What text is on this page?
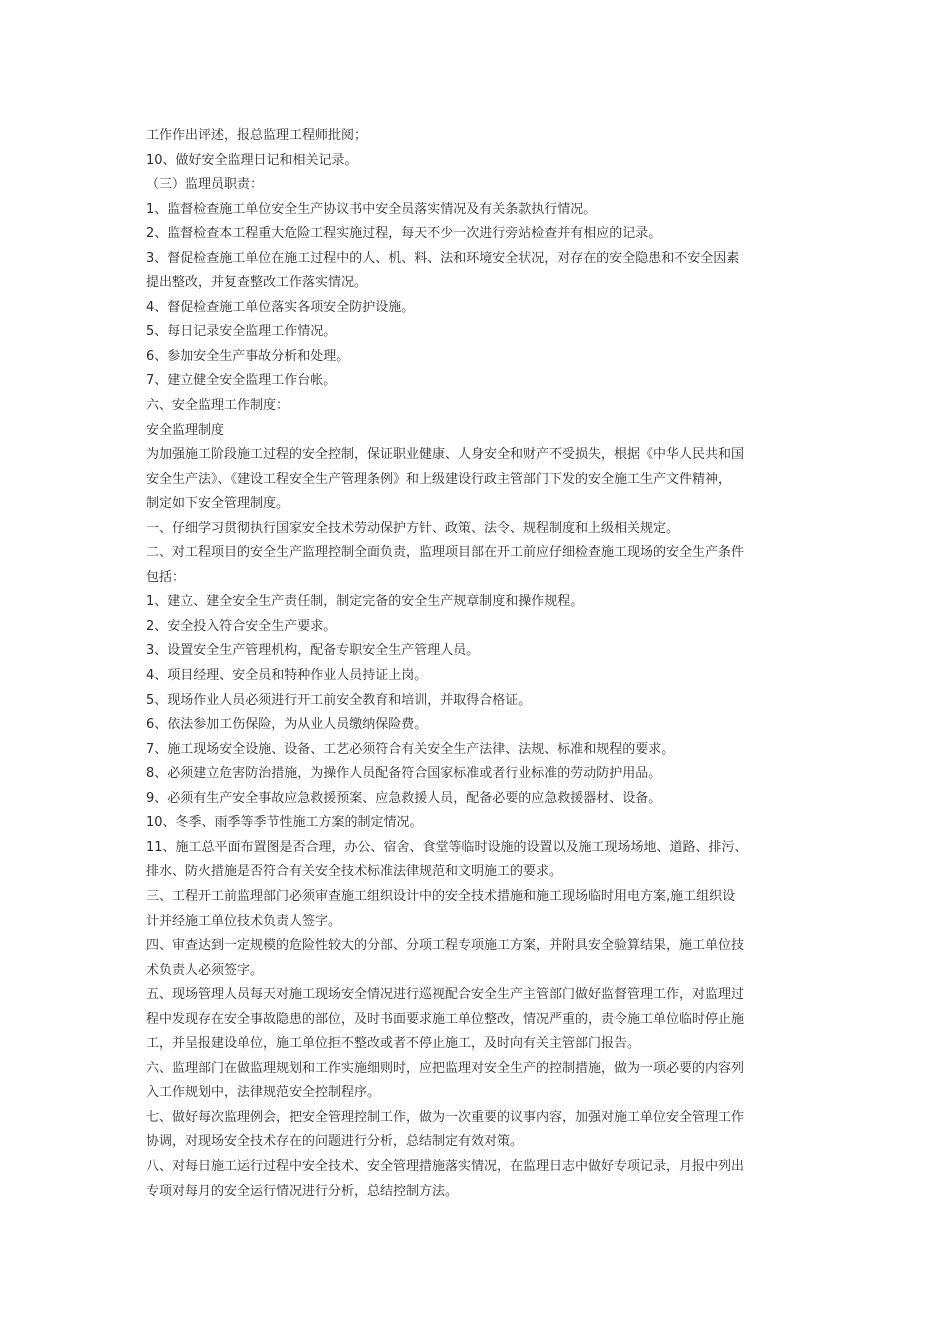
工作作出评述，报总监理工程师批阅；
10、做好安全监理日记和相关记录。
（三）监理员职责：
1、监督检查施工单位安全生产协议书中安全员落实情况及有关条款执行情况。
2、监督检查本工程重大危险工程实施过程，每天不少一次进行旁站检查并有相应的记录。
3、督促检查施工单位在施工过程中的人、机、料、法和环境安全状况，对存在的安全隐患和不安全因素
提出整改，并复查整改工作落实情况。
4、督促检查施工单位落实各项安全防护设施。
5、每日记录安全监理工作情况。
6、参加安全生产事故分析和处理。
7、建立健全安全监理工作台帐。
六、安全监理工作制度：
安全监理制度
为加强施工阶段施工过程的安全控制，保证职业健康、人身安全和财产不受损失，根据《中华人民共和国
安全生产法》、《建设工程安全生产管理条例》和上级建设行政主管部门下发的安全施工生产文件精神，
制定如下安全管理制度。
一、仔细学习贯彻执行国家安全技术劳动保护方针、政策、法令、规程制度和上级相关规定。
二、对工程项目的安全生产监理控制全面负责，监理项目部在开工前应仔细检查施工现场的安全生产条件
包括：
1、建立、建全安全生产责任制，制定完备的安全生产规章制度和操作规程。
2、安全投入符合安全生产要求。
3、设置安全生产管理机构，配备专职安全生产管理人员。
4、项目经理、安全员和特种作业人员持证上岗。
5、现场作业人员必须进行开工前安全教育和培训，并取得合格证。
6、依法参加工伤保险，为从业人员缴纳保险费。
7、施工现场安全设施、设备、工艺必须符合有关安全生产法律、法规、标准和规程的要求。
8、必须建立危害防治措施，为操作人员配备符合国家标准或者行业标准的劳动防护用品。
9、必须有生产安全事故应急救援预案、应急救援人员，配备必要的应急救援器材、设备。
10、冬季、雨季等季节性施工方案的制定情况。
11、施工总平面布置图是否合理，办公、宿舍、食堂等临时设施的设置以及施工现场场地、道路、排污、
排水、防火措施是否符合有关安全技术标准法律规范和文明施工的要求。
三、工程开工前监理部门必须审查施工组织设计中的安全技术措施和施工现场临时用电方案,施工组织设
计并经施工单位技术负责人签字。
四、审查达到一定规模的危险性较大的分部、分项工程专项施工方案，并附具安全验算结果，施工单位技
术负责人必须签字。
五、现场管理人员每天对施工现场安全情况进行巡视配合安全生产主管部门做好监督管理工作，对监理过
程中发现存在安全事故隐患的部位，及时书面要求施工单位整改，情况严重的，责令施工单位临时停止施
工，并呈报建设单位，施工单位拒不整改或者不停止施工，及时向有关主管部门报告。
六、监理部门在做监理规划和工作实施细则时，应把监理对安全生产的控制措施，做为一项必要的内容列
入工作规划中，法律规范安全控制程序。
七、做好每次监理例会，把安全管理控制工作，做为一次重要的议事内容，加强对施工单位安全管理工作
协调，对现场安全技术存在的问题进行分析，总结制定有效对策。
八、对每日施工运行过程中安全技术、安全管理措施落实情况，在监理日志中做好专项记录，月报中列出
专项对每月的安全运行情况进行分析，总结控制方法。
